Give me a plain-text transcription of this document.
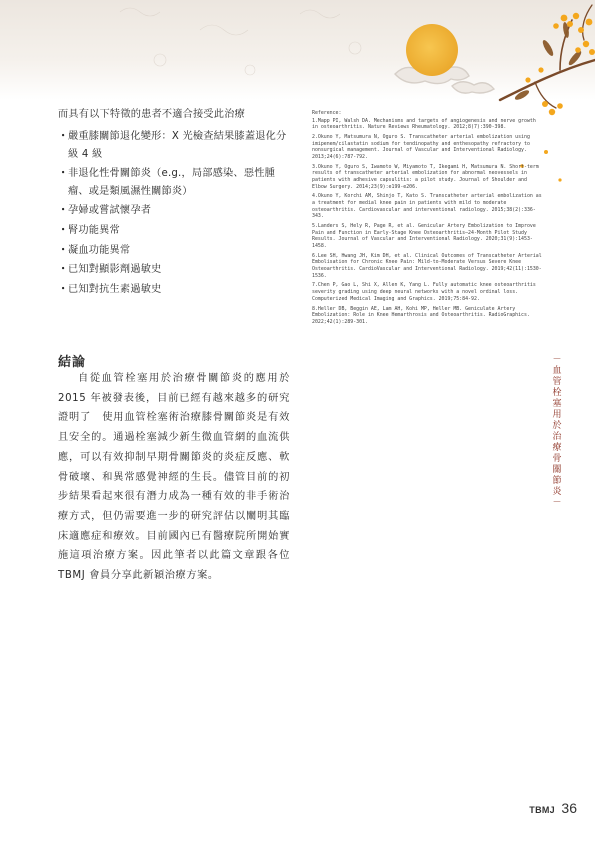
而具有以下特徵的患者不適合接受此治療

・ 嚴重膝關節退化變形：X 光檢查結果膝蓋退化分級 4 級
・ 非退化性骨關節炎（e.g.，局部感染、惡性腫瘤、或是類風濕性關節炎）
・ 孕婦或嘗試懷孕者
・ 腎功能異常
・ 凝血功能異常
・ 已知對顯影劑過敏史
・ 已知對抗生素過敏史
結論

自從血管栓塞用於治療骨關節炎的應用於 2015 年被發表後，目前已經有越來越多的研究證明了　使用血管栓塞術治療膝骨關節炎是有效且安全的。通過栓塞減少新生微血管網的血流供應，可以有效抑制早期骨關節炎的炎症反應、軟骨破壞、和異常感覺神經的生長。儘管目前的初步結果看起來很有潛力成為一種有效的非手術治療方式，但仍需要進一步的研究評估以闡明其臨床適應症和療效。目前國內已有醫療院所開始實施這項治療方案。因此筆者以此篇文章跟各位 TBMJ 會員分享此新穎治療方案。

Reference:
1.Mapp PI, Walsh DA. Mechanisms and targets of angiogenesis and nerve growth in osteoarthritis. Nature Reviews Rheumatology. 2012;8(7):390-398.
2.Okuno Y, Matsumura N, Oguro S. Transcatheter arterial embolization using imipenem/cilastatin sodium for tendinopathy and enthesopathy refractory to nonsurgical management. Journal of Vascular and Interventional Radiology. 2013;24(6):787-792.
3.Okuno Y, Oguro S, Iwamoto W, Miyamoto T, Ikegami H, Matsumura N. Short-term results of transcatheter arterial embolization for abnormal neovessels in patients with adhesive capsulitis: a pilot study. Journal of Shoulder and Elbow Surgery. 2014;23(9):e199-e206.
4.Okuno Y, Korchi AM, Shinjo T, Kato S. Transcatheter arterial embolization as a treatment for medial knee pain in patients with mild to moderate osteoarthritis. Cardiovascular and interventional radiology. 2015;38(2):336-343.
5.Landers S, Hely R, Page R, et al. Genicular Artery Embolization to Improve Pain and Function in Early-Stage Knee Osteoarthritis—24-Month Pilot Study Results. Journal of Vascular and Interventional Radiology. 2020;31(9):1453-1458.
6.Lee SH, Hwang JH, Kim DH, et al. Clinical Outcomes of Transcatheter Arterial Embolisation for Chronic Knee Pain: Mild-to-Moderate Versus Severe Knee Osteoarthritis. CardioVascular and Interventional Radiology. 2019;42(11):1530-1536.
7.Chen P, Gao L, Shi X, Allen K, Yang L. Fully automatic knee osteoarthritis severity grading using deep neural networks with a novel ordinal loss. Computerized Medical Imaging and Graphics. 2019;75:84-92.
8.Heller DB, Beggin AE, Lam AH, Kohi MP, Heller MB. Geniculate Artery Embolization: Role in Knee Hemarthrosis and Osteoarthritis. RadioGraphics. 2022;42(1):289-301.
－血管栓塞用於治療骨關節炎－
TBMJ 36
